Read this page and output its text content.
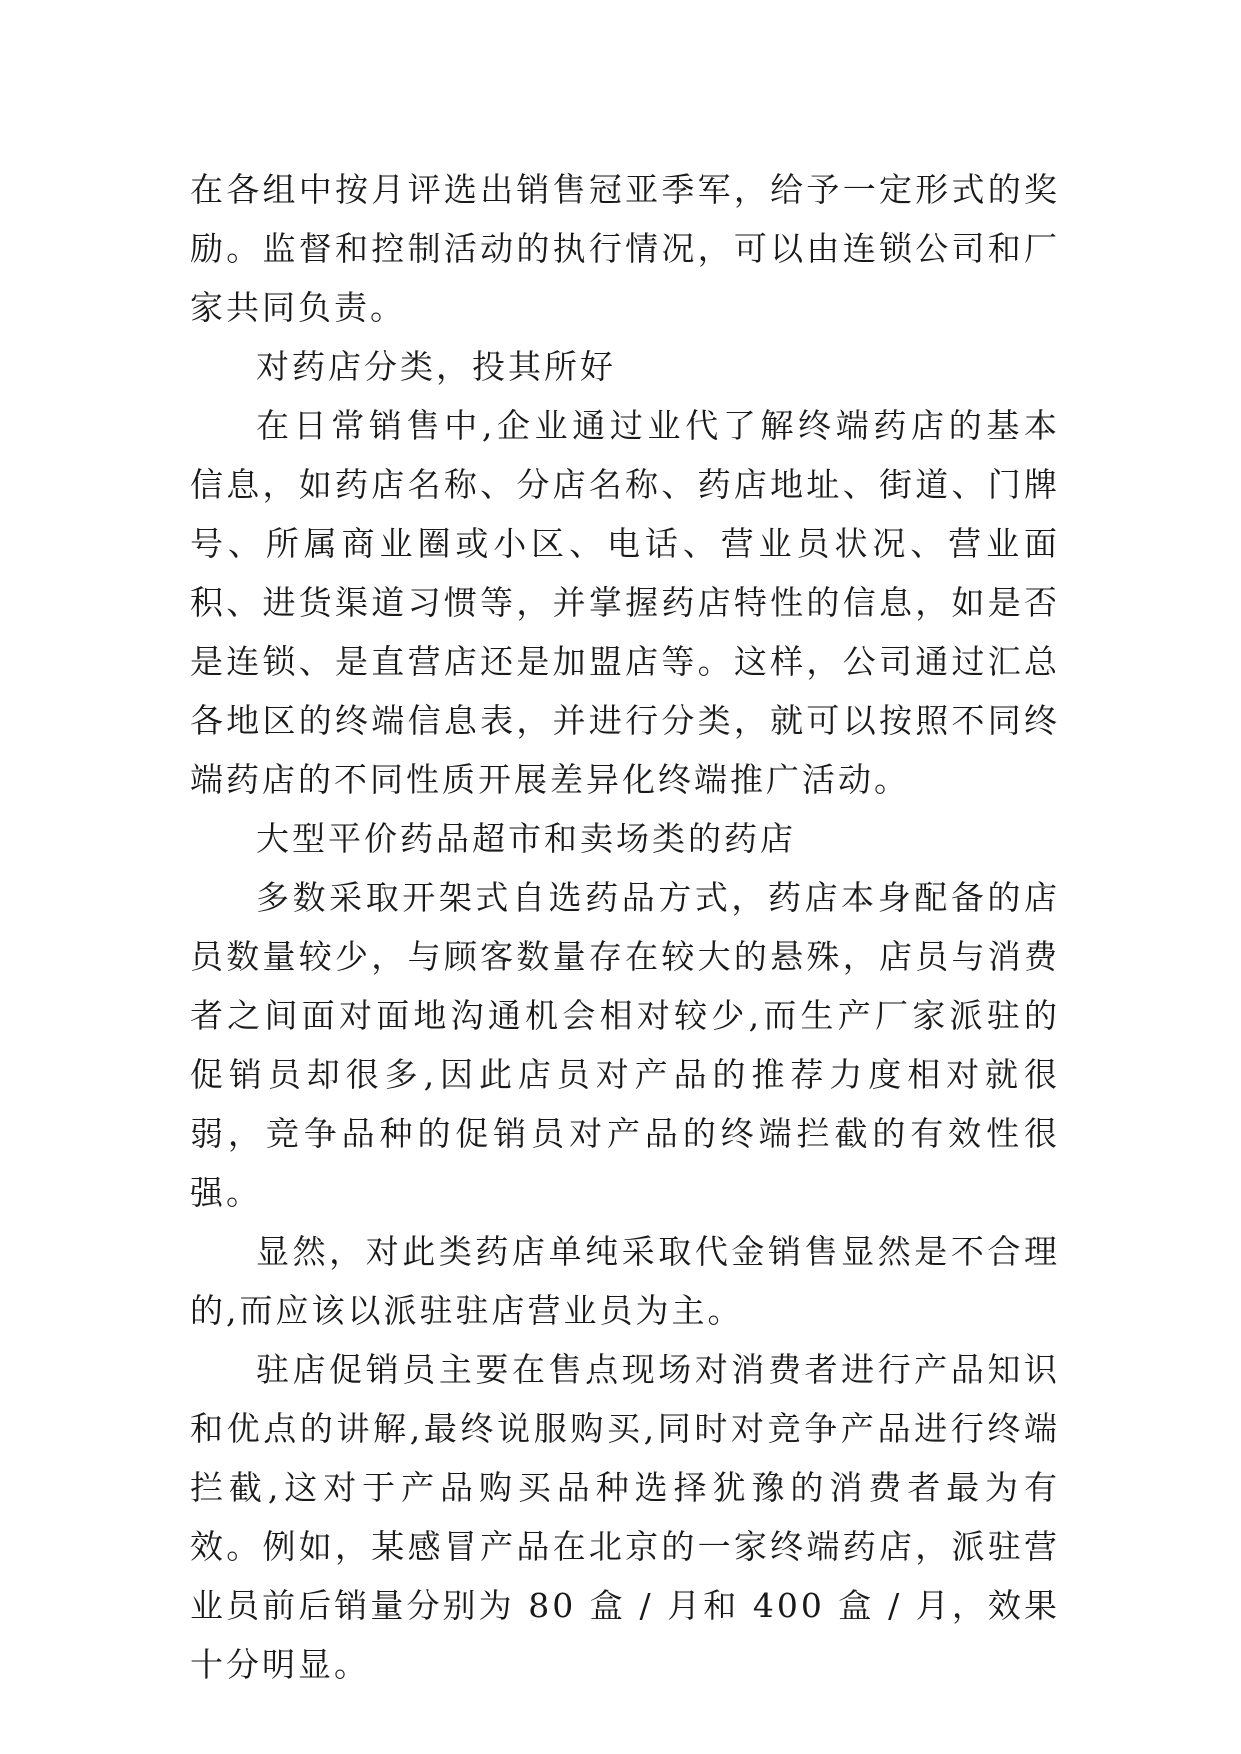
在各组中按月评选出销售冠亚季军，给予一定形式的奖励。监督和控制活动的执行情况，可以由连锁公司和厂家共同负责。

对药店分类，投其所好

在日常销售中,企业通过业代了解终端药店的基本信息，如药店名称、分店名称、药店地址、街道、门牌号、所属商业圈或小区、电话、营业员状况、营业面积、进货渠道习惯等，并掌握药店特性的信息，如是否是连锁、是直营店还是加盟店等。这样，公司通过汇总各地区的终端信息表，并进行分类，就可以按照不同终端药店的不同性质开展差异化终端推广活动。

大型平价药品超市和卖场类的药店

多数采取开架式自选药品方式，药店本身配备的店员数量较少，与顾客数量存在较大的悬殊，店员与消费者之间面对面地沟通机会相对较少,而生产厂家派驻的促销员却很多,因此店员对产品的推荐力度相对就很弱，竞争品种的促销员对产品的终端拦截的有效性很强。

显然，对此类药店单纯采取代金销售显然是不合理的,而应该以派驻驻店营业员为主。

驻店促销员主要在售点现场对消费者进行产品知识和优点的讲解,最终说服购买,同时对竞争产品进行终端拦截,这对于产品购买品种选择犹豫的消费者最为有效。例如，某感冒产品在北京的一家终端药店，派驻营业员前后销量分别为 80 盒 / 月和 400 盒 / 月，效果十分明显。
